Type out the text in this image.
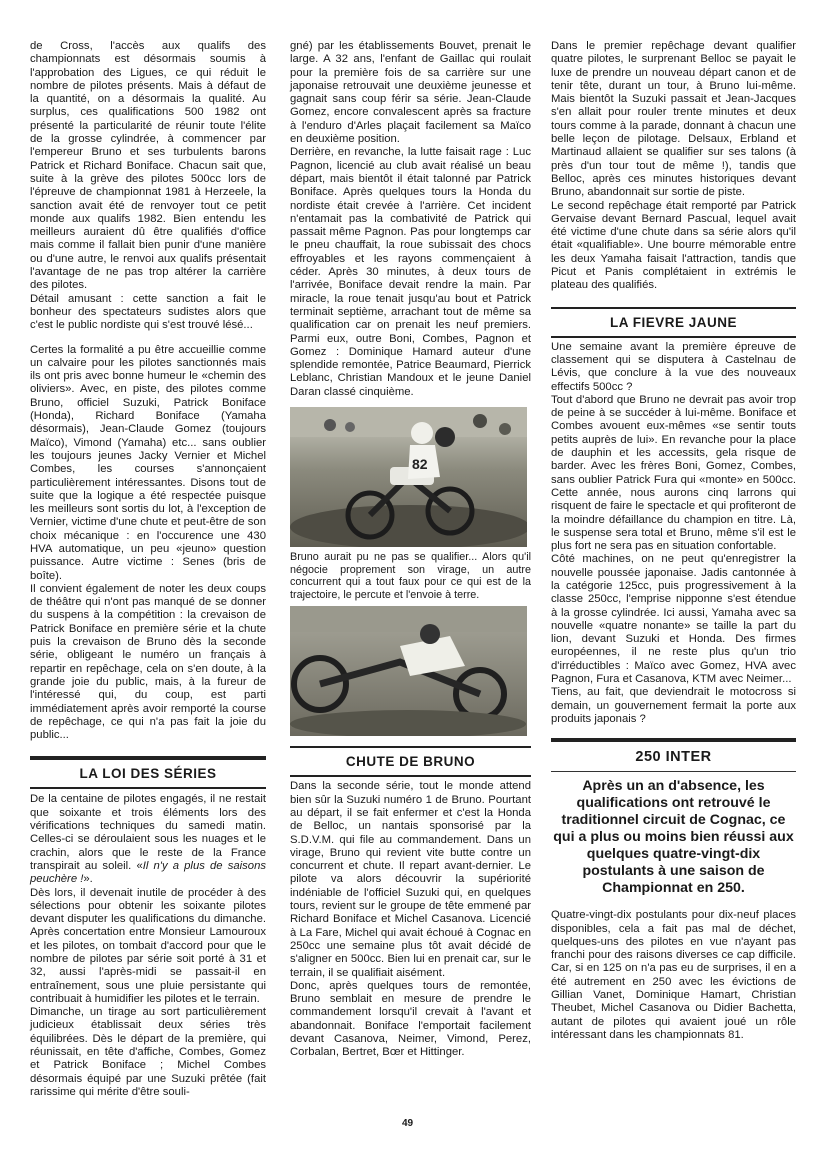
de Cross, l'accès aux qualifs des championnats est désormais soumis à l'approbation des Ligues, ce qui réduit le nombre de pilotes présents. Mais à défaut de la quantité, on a désormais la qualité. Au surplus, ces qualifications 500 1982 ont présenté la particularité de réunir toute l'élite de la grosse cylindrée, à commencer par l'empereur Bruno et ses turbulents barons Patrick et Richard Boniface. Chacun sait que, suite à la grève des pilotes 500cc lors de l'épreuve de championnat 1981 à Herzeele, la sanction avait été de renvoyer tout ce petit monde aux qualifs 1982. Bien entendu les meilleurs auraient dû être qualifiés d'office mais comme il fallait bien punir d'une manière ou d'une autre, le renvoi aux qualifs présentait l'avantage de ne pas trop altérer la carrière des pilotes.

Détail amusant : cette sanction a fait le bonheur des spectateurs sudistes alors que c'est le public nordiste qui s'est trouvé lésé...

Certes la formalité a pu être accueillie comme un calvaire pour les pilotes sanctionnés mais ils ont pris avec bonne humeur le «chemin des oliviers». Avec, en piste, des pilotes comme Bruno, officiel Suzuki, Patrick Boniface (Honda), Richard Boniface (Yamaha désormais), Jean-Claude Gomez (toujours Maïco), Vimond (Yamaha) etc... sans oublier les toujours jeunes Jacky Vernier et Michel Combes, les courses s'annonçaient particulièrement intéressantes. Disons tout de suite que la logique a été respectée puisque les meilleurs sont sortis du lot, à l'exception de Vernier, victime d'une chute et peut-être de son choix mécanique : en l'occurence une 430 HVA automatique, un peu «jeuno» question puissance. Autre victime : Senes (bris de boîte).

Il convient également de noter les deux coups de théâtre qui n'ont pas manqué de se donner du suspens à la compétition : la crevaison de Patrick Boniface en première série et la chute puis la crevaison de Bruno dès la seconde série, obligeant le numéro un français à repartir en repêchage, cela on s'en doute, à la grande joie du public, mais, à la fureur de l'intéressé qui, du coup, est parti immédiatement après avoir remporté la course de repêchage, ce qui n'a pas fait la joie du public...

LA LOI DES SÉRIES

De la centaine de pilotes engagés, il ne restait que soixante et trois éléments lors des vérifications techniques du samedi matin. Celles-ci se déroulaient sous les nuages et le crachin, alors que le reste de la France transpirait au soleil. «Il n'y a plus de saisons peuchère !».

Dès lors, il devenait inutile de procéder à des sélections pour obtenir les soixante pilotes devant disputer les qualifications du dimanche. Après concertation entre Monsieur Lamouroux et les pilotes, on tombait d'accord pour que le nombre de pilotes par série soit porté à 31 et 32, aussi l'après-midi se passait-il en entraînement, sous une pluie persistante qui contribuait à humidifier les pilotes et le terrain.

Dimanche, un tirage au sort particulièrement judicieux établissait deux séries très équilibrées. Dès le départ de la première, qui réunissait, en tête d'affiche, Combes, Gomez et Patrick Boniface ; Michel Combes désormais équipé par une Suzuki prêtée (fait rarissime qui mérite d'être souli-

gné) par les établissements Bouvet, prenait le large. A 32 ans, l'enfant de Gaillac qui roulait pour la première fois de sa carrière sur une japonaise retrouvait une deuxième jeunesse et gagnait sans coup férir sa série. Jean-Claude Gomez, encore convalescent après sa fracture à l'enduro d'Arles plaçait facilement sa Maïco en deuxième position.

Derrière, en revanche, la lutte faisait rage : Luc Pagnon, licencié au club avait réalisé un beau départ, mais bientôt il était talonné par Patrick Boniface. Après quelques tours la Honda du nordiste était crevée à l'arrière. Cet incident n'entamait pas la combativité de Patrick qui passait même Pagnon. Pas pour longtemps car le pneu chauffait, la roue subissait des chocs effroyables et les rayons commençaient à céder. Après 30 minutes, à deux tours de l'arrivée, Boniface devait rendre la main. Par miracle, la roue tenait jusqu'au bout et Patrick terminait septième, arrachant tout de même sa qualification car on prenait les neuf premiers. Parmi eux, outre Boni, Combes, Pagnon et Gomez : Dominique Hamard auteur d'une splendide remontée, Patrice Beaumard, Pierrick Leblanc, Christian Mandoux et le jeune Daniel Daran classé cinquième.

82
Bruno aurait pu ne pas se qualifier... Alors qu'il négocie proprement son virage, un autre concurrent qui a tout faux pour ce qui est de la trajectoire, le percute et l'envoie à terre.
CHUTE DE BRUNO

Dans la seconde série, tout le monde attend bien sûr la Suzuki numéro 1 de Bruno. Pourtant au départ, il se fait enfermer et c'est la Honda de Belloc, un nantais sponsorisé par la S.D.V.M. qui file au commandement. Dans un virage, Bruno qui revient vite butte contre un concurrent et chute. Il repart avant-dernier. Le pilote va alors découvrir la supériorité indéniable de l'officiel Suzuki qui, en quelques tours, revient sur le groupe de tête emmené par Richard Boniface et Michel Casanova. Licencié à La Fare, Michel qui avait échoué à Cognac en 250cc une semaine plus tôt avait décidé de s'aligner en 500cc. Bien lui en prenait car, sur le terrain, il se qualifiait aisément.

Donc, après quelques tours de remontée, Bruno semblait en mesure de prendre le commandement lorsqu'il crevait à l'avant et abandonnait. Boniface l'emportait facilement devant Casanova, Neimer, Vimond, Perez, Corbalan, Bertret, Bœr et Hittinger.

Dans le premier repêchage devant qualifier quatre pilotes, le surprenant Belloc se payait le luxe de prendre un nouveau départ canon et de tenir tête, durant un tour, à Bruno lui-même. Mais bientôt la Suzuki passait et Jean-Jacques s'en allait pour rouler trente minutes et deux tours comme à la parade, donnant à chacun une belle leçon de pilotage. Delsaux, Erbland et Martinaud allaient se qualifier sur ses talons (à près d'un tour tout de même !), tandis que Belloc, après ces minutes historiques devant Bruno, abandonnait sur sortie de piste.

Le second repêchage était remporté par Patrick Gervaise devant Bernard Pascual, lequel avait été victime d'une chute dans sa série alors qu'il était «qualifiable». Une bourre mémorable entre les deux Yamaha faisait l'attraction, tandis que Picut et Panis complétaient in extrémis le plateau des qualifiés.

LA FIEVRE JAUNE

Une semaine avant la première épreuve de classement qui se disputera à Castelnau de Lévis, que conclure à la vue des nouveaux effectifs 500cc ?

Tout d'abord que Bruno ne devrait pas avoir trop de peine à se succéder à lui-même. Boniface et Combes avouent eux-mêmes «se sentir touts petits auprès de lui». En revanche pour la place de dauphin et les accessits, gela risque de barder. Avec les frères Boni, Gomez, Combes, sans oublier Patrick Fura qui «monte» en 500cc. Cette année, nous aurons cinq larrons qui risquent de faire le spectacle et qui profiteront de la moindre défaillance du champion en titre. Là, le suspense sera total et Bruno, même s'il est le plus fort ne sera pas en situation confortable.

Côté machines, on ne peut qu'enregistrer la nouvelle poussée japonaise. Jadis cantonnée à la catégorie 125cc, puis progressivement à la classe 250cc, l'emprise nipponne s'est étendue à la grosse cylindrée. Ici aussi, Yamaha avec sa nouvelle «quatre nonante» se taille la part du lion, devant Suzuki et Honda. Des firmes européennes, il ne reste plus qu'un trio d'irréductibles : Maïco avec Gomez, HVA avec Pagnon, Fura et Casanova, KTM avec Neimer...

Tiens, au fait, que deviendrait le motocross si demain, un gouvernement fermait la porte aux produits japonais ?

250 INTER
Après un an d'absence, les qualifications ont retrouvé le traditionnel circuit de Cognac, ce qui a plus ou moins bien réussi aux quelques quatre-vingt-dix postulants à une saison de Championnat en 250.

Quatre-vingt-dix postulants pour dix-neuf places disponibles, cela a fait pas mal de déchet, quelques-uns des pilotes en vue n'ayant pas franchi pour des raisons diverses ce cap difficile. Car, si en 125 on n'a pas eu de surprises, il en a été autrement en 250 avec les évictions de Gillian Vanet, Dominique Hamart, Christian Theubet, Michel Casanova ou Didier Bachetta, autant de pilotes qui avaient joué un rôle intéressant dans les championnats 81.

49
